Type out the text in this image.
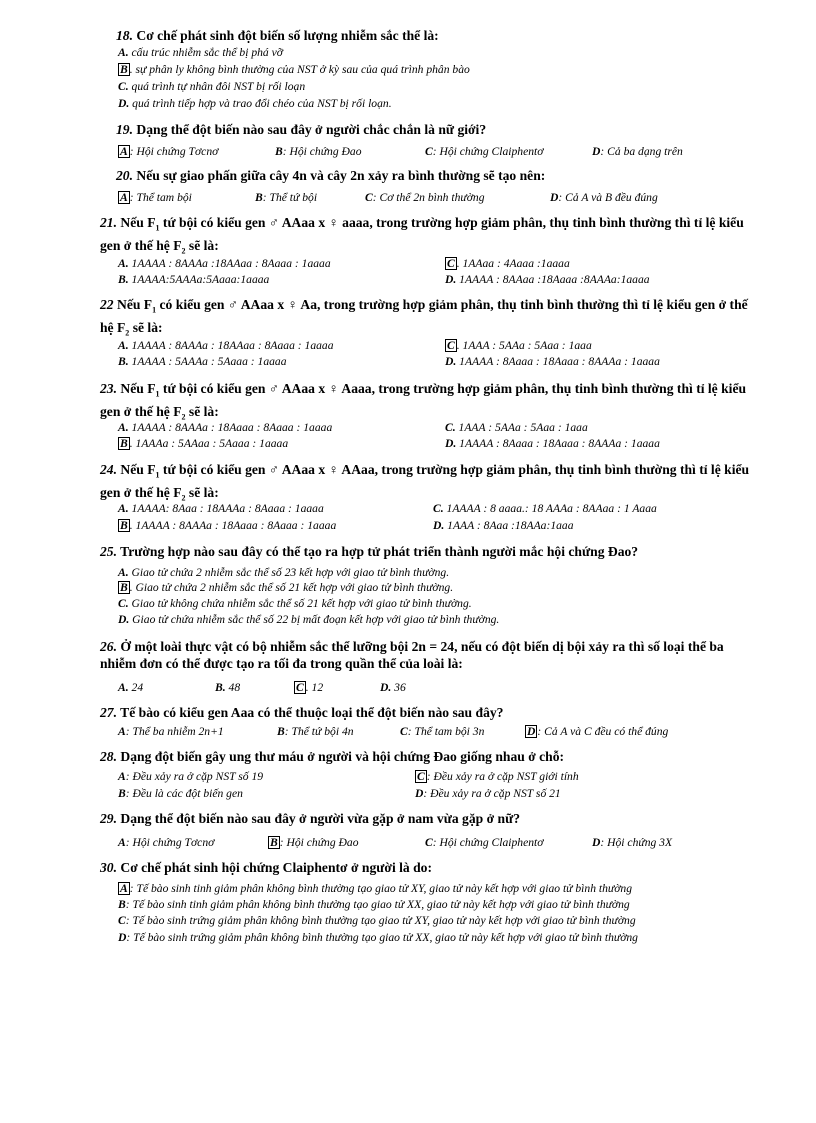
18. Cơ chế phát sinh đột biến số lượng nhiễm sắc thể là:
A. cấu trúc nhiễm sắc thể bị phá vỡ
B . sự phân ly không bình thường của NST ở kỳ sau của quá trình phân bào
C. quá trình tự nhân đôi NST bị rối loạn
D. quá trình tiếp hợp và trao đổi chéo của NST bị rối loạn.
19. Dạng thể đột biến nào sau đây ở người chắc chắn là nữ giới?
A : Hội chứng Tơcnơ	B: Hội chứng Đao	C: Hội chứng Claiphentơ	D: Cả ba dạng trên
20. Nếu sự giao phấn giữa cây 4n và cây 2n xảy ra bình thường sẽ tạo nên:
A : Thể tam bội	B: Thể tứ bội	C: Cơ thể 2n bình thường	D: Cả A và B đều đúng
21. Nếu $F_1$ tứ bội có kiểu gen ♂ AAaa x ♀ aaaa, trong trường hợp giảm phân, thụ tinh bình thường thì tỉ lệ kiểu gen ở thế hệ $F_2$ sẽ là:
A. 1AAAA : 8AAAa :18AAaa : 8Aaaa : 1aaaa	C . 1AAaa : 4Aaaa :1aaaa
B. 1AAAA:5AAAa:5Aaaa:1aaaa	D. 1AAAA : 8AAaa :18Aaaa :8AAAa:1aaaa
22 Nếu $F_1$ có kiểu gen ♂ AAaa x ♀ Aa, trong trường hợp giảm phân, thụ tinh bình thường thì tỉ lệ kiểu gen ở thế hệ $F_2$ sẽ là:
A. 1AAAA : 8AAAa : 18AAaa : 8Aaaa : 1aaaa	C . 1AAA : 5AAa : 5Aaa : 1aaa
B. 1AAAA : 5AAAa : 5Aaaa : 1aaaa	D. 1AAAA : 8Aaaa : 18Aaaa : 8AAAa : 1aaaa
23. Nếu $F_1$ tứ bội có kiểu gen ♂ AAaa x ♀ Aaaa, trong trường hợp giảm phân, thụ tinh bình thường thì tỉ lệ kiểu gen ở thế hệ $F_2$ sẽ là:
A. 1AAAA : 8AAAa : 18Aaaa : 8Aaaa : 1aaaa	C. 1AAA : 5AAa : 5Aaa : 1aaa
B . 1AAAa : 5AAaa : 5Aaaa : 1aaaa	D. 1AAAA : 8Aaaa : 18Aaaa : 8AAAa : 1aaaa
24. Nếu $F_1$ tứ bội có kiểu gen ♂ AAaa x ♀ AAaa, trong trường hợp giảm phân, thụ tinh bình thường thì tỉ lệ kiểu gen ở thế hệ $F_2$ sẽ là:
A. 1AAAA: 8Aaa : 18AAAa : 8Aaaa : 1aaaa	C. 1AAAA : 8 aaaa.: 18 AAAa : 8AAaa : 1 Aaaa
B . 1AAAA : 8AAAa : 18Aaaa : 8Aaaa : 1aaaa	D. 1AAA : 8Aaa :18AAa:1aaa
25. Trường hợp nào sau đây có thể tạo ra hợp tử phát triển thành người mắc hội chứng Đao?
A. Giao tử chứa 2 nhiễm sắc thể số 23 kết hợp với giao tử bình thường.
B . Giao tử chứa 2 nhiễm sắc thể số 21 kết hợp với giao tử bình thường.
C. Giao tử không chứa nhiễm sắc thể số 21 kết hợp với giao tử bình thường.
D. Giao tử chứa nhiễm sắc thể số 22 bị mất đoạn kết hợp với giao tử bình thường.
26. Ở một loài thực vật có bộ nhiễm sắc thể lưỡng bội 2n = 24, nếu có đột biến dị bội xảy ra thì số loại thể ba nhiễm đơn có thể được tạo ra tối đa trong quần thể của loài là:
A. 24	B. 48	C . 12	D. 36
27. Tế bào có kiểu gen Aaa có thể thuộc loại thể đột biến nào sau đây?
A: Thể ba nhiễm 2n+1	B: Thể tứ bội 4n	C: Thể tam bội 3n	D : Cả A và C đều có thể đúng
28. Dạng đột biến gây ung thư máu ở người và hội chứng Đao giống nhau ở chỗ:
A: Đều xảy ra ở cặp NST số 19	C : Đều xảy ra ở cặp NST giới tính
B: Đều là các đột biến gen	D: Đều xảy ra ở cặp NST số 21
29. Dạng thể đột biến nào sau đây ở người vừa gặp ở nam vừa gặp ở nữ?
A: Hội chứng Tơcnơ	B : Hội chứng Đao	C: Hội chứng Claiphentơ	D: Hội chứng 3X
30. Cơ chế phát sinh hội chứng Claiphentơ ở người là do:
A : Tế bào sinh tinh giảm phân không bình thường tạo giao tử XY, giao tử này kết hợp với giao tử bình thường
B: Tế bào sinh tinh giảm phân không bình thường tạo giao tử XX, giao tử này kết hợp với giao tử bình thường
C: Tế bào sinh trứng giảm phân không bình thường tạo giao tử XY, giao tử này kết hợp với giao tử bình thường
D: Tế bào sinh trứng giảm phân không bình thường tạo giao tử XX, giao tử này kết hợp với giao tử bình thường
